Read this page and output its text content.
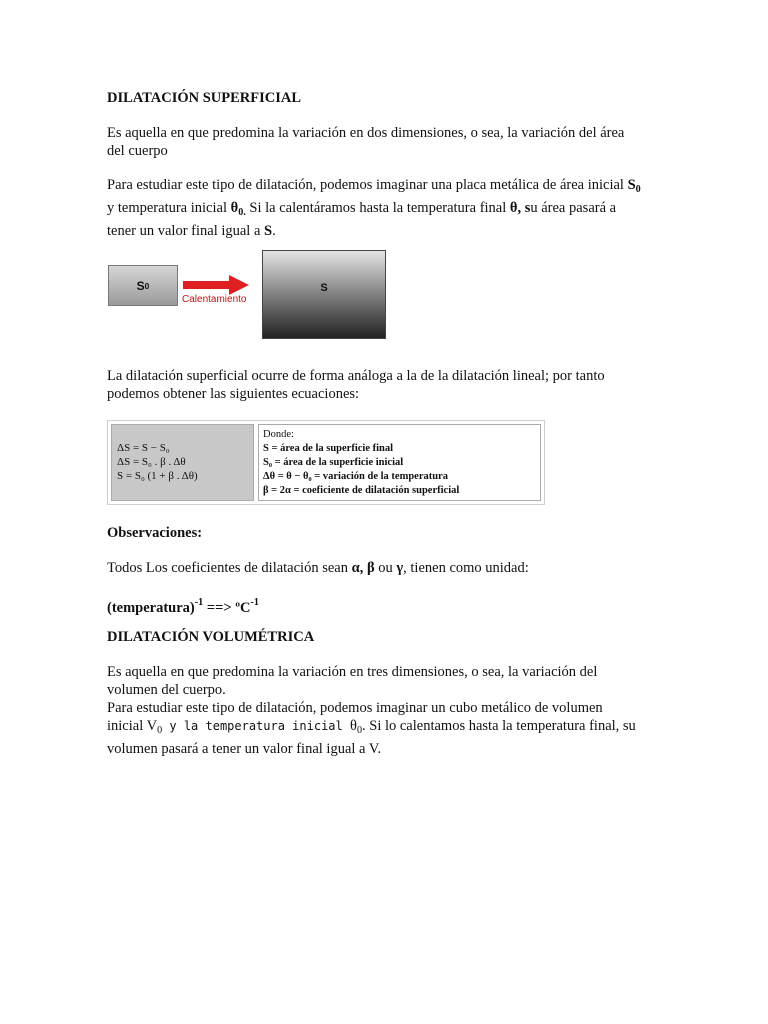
DILATACIÓN SUPERFICIAL
Es aquella en que predomina la variación en dos dimensiones, o sea, la variación del área
del cuerpo
Para estudiar este tipo de dilatación, podemos imaginar una placa metálica de área inicial $S_0$
y temperatura inicial $\theta_{0.}$ Si la calentáramos hasta la temperatura final θ, su área pasará a
tener un valor final igual a S.
S 0
Calentamiento
S
La dilatación superficial ocurre de forma análoga a la de la dilatación lineal; por tanto
podemos obtener las siguientes ecuaciones:
ΔS = S − S₀
ΔS = S₀ . β . Δθ
S = S₀ (1 + β . Δθ)
Donde:
S = área de la superficie final
S₀ = área de la superficie inicial
Δθ = θ − θ₀ = variación de la temperatura
β = 2α = coeficiente de dilatación superficial
Observaciones:
Todos Los coeficientes de dilatación sean α, β ou γ, tienen como unidad:
(temperatura)$^{-1}$ ==> ºC$^{-1}$
DILATACIÓN VOLUMÉTRICA
Es aquella en que predomina la variación en tres dimensiones, o sea, la variación del
volumen del cuerpo.
Para estudiar este tipo de dilatación, podemos imaginar un cubo metálico de volumen
inicial $V_0$ y la temperatura inicial $\theta_0$. Si lo calentamos hasta la temperatura final, su
volumen pasará a tener un valor final igual a V.
